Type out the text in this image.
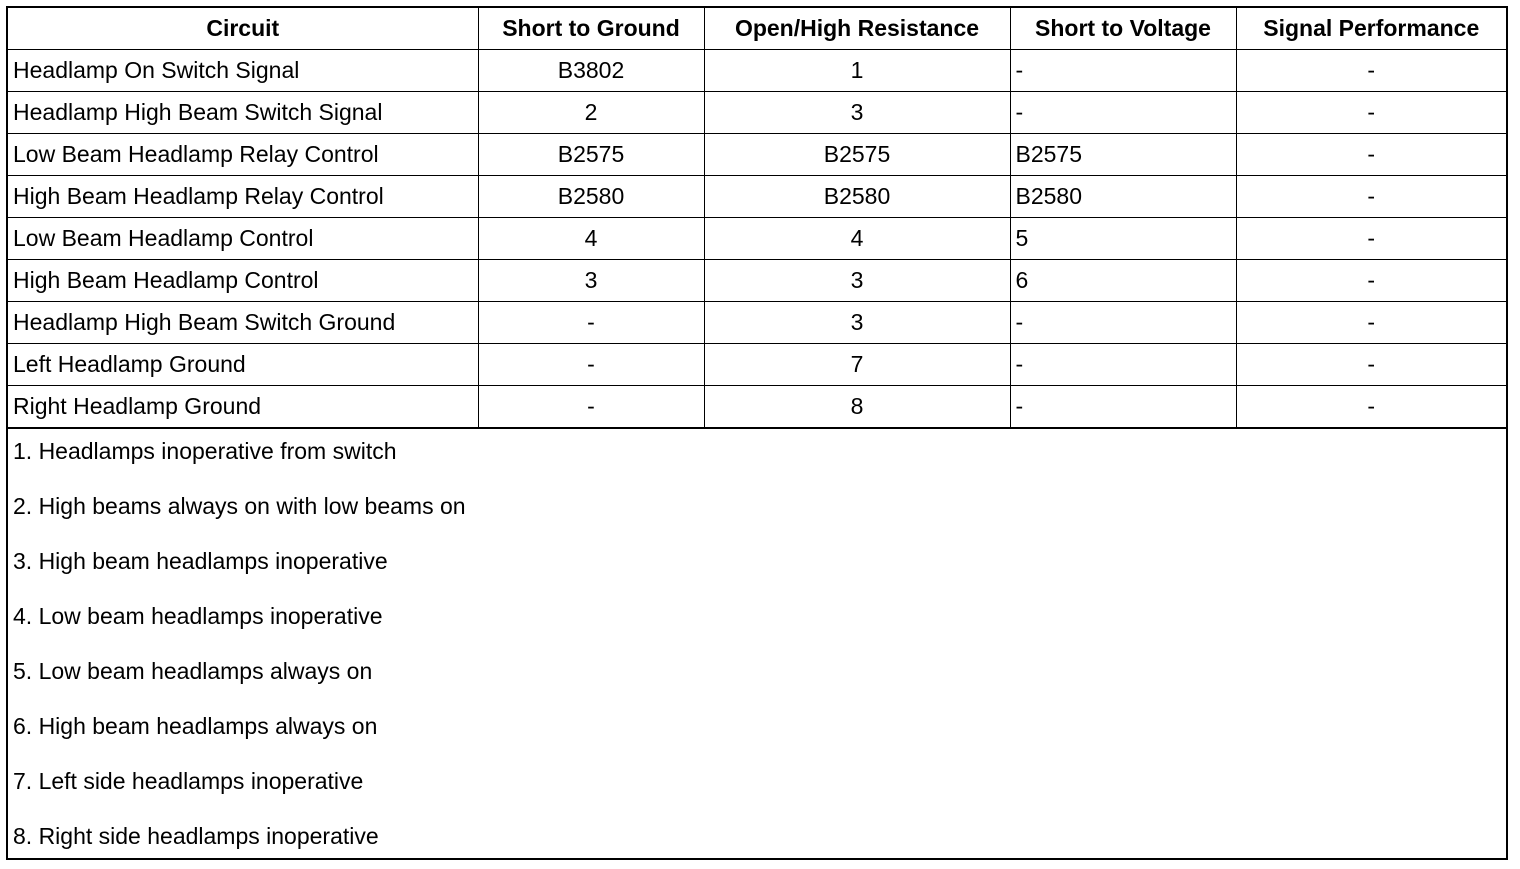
Circuit	Short to Ground	Open/High Resistance	Short to Voltage	Signal Performance
Headlamp On Switch Signal	B3802	1	-	-
Headlamp High Beam Switch Signal	2	3	-	-
Low Beam Headlamp Relay Control	B2575	B2575	B2575	-
High Beam Headlamp Relay Control	B2580	B2580	B2580	-
Low Beam Headlamp Control	4	4	5	-
High Beam Headlamp Control	3	3	6	-
Headlamp High Beam Switch Ground	-	3	-	-
Left Headlamp Ground	-	7	-	-
Right Headlamp Ground	-	8	-	-
1. Headlamps inoperative from switch
2. High beams always on with low beams on
3. High beam headlamps inoperative
4. Low beam headlamps inoperative
5. Low beam headlamps always on
6. High beam headlamps always on
7. Left side headlamps inoperative
8. Right side headlamps inoperative
